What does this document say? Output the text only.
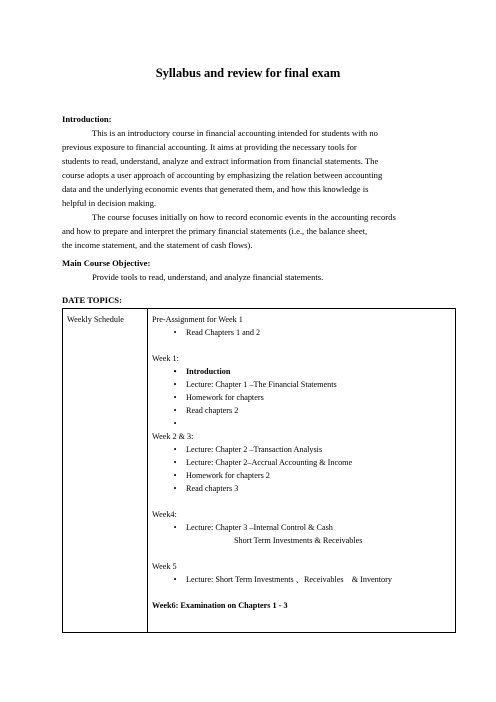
Syllabus and review for final exam

Introduction:

This is an introductory course in financial accounting intended for students with no

previous exposure to financial accounting. It aims at providing the necessary tools for

students to read, understand, analyze and extract information from financial statements. The

course adopts a user approach of accounting by emphasizing the relation between accounting

data and the underlying economic events that generated them, and how this knowledge is

helpful in decision making.

The course focuses initially on how to record economic events in the accounting records

and how to prepare and interpret the primary financial statements (i.e., the balance sheet,

the income statement, and the statement of cash flows).

Main Course Objective:

Provide tools to read, understand, and analyze financial statements.

DATE TOPICS:

Weekly Schedule	Pre-Assignment for Week 1

•	Read Chapters 1 and 2

Week 1:

•	Introduction
•	Lecture: Chapter 1 –The Financial Statements
•	Homework for chapters
•	Read chapters 2
•

Week 2 & 3:

•	Lecture: Chapter 2 –Transaction Analysis
•	Lecture: Chapter 2–Accrual Accounting & Income
•	Homework for chapters 2
•	Read chapters 3

Week4:

•	Lecture: Chapter 3 –Internal Control & Cash

Short Term Investments & Receivables

Week 5

•	Lecture: Short Term Investments 、Receivables    & Inventory

Week6: Examination on Chapters 1 - 3
